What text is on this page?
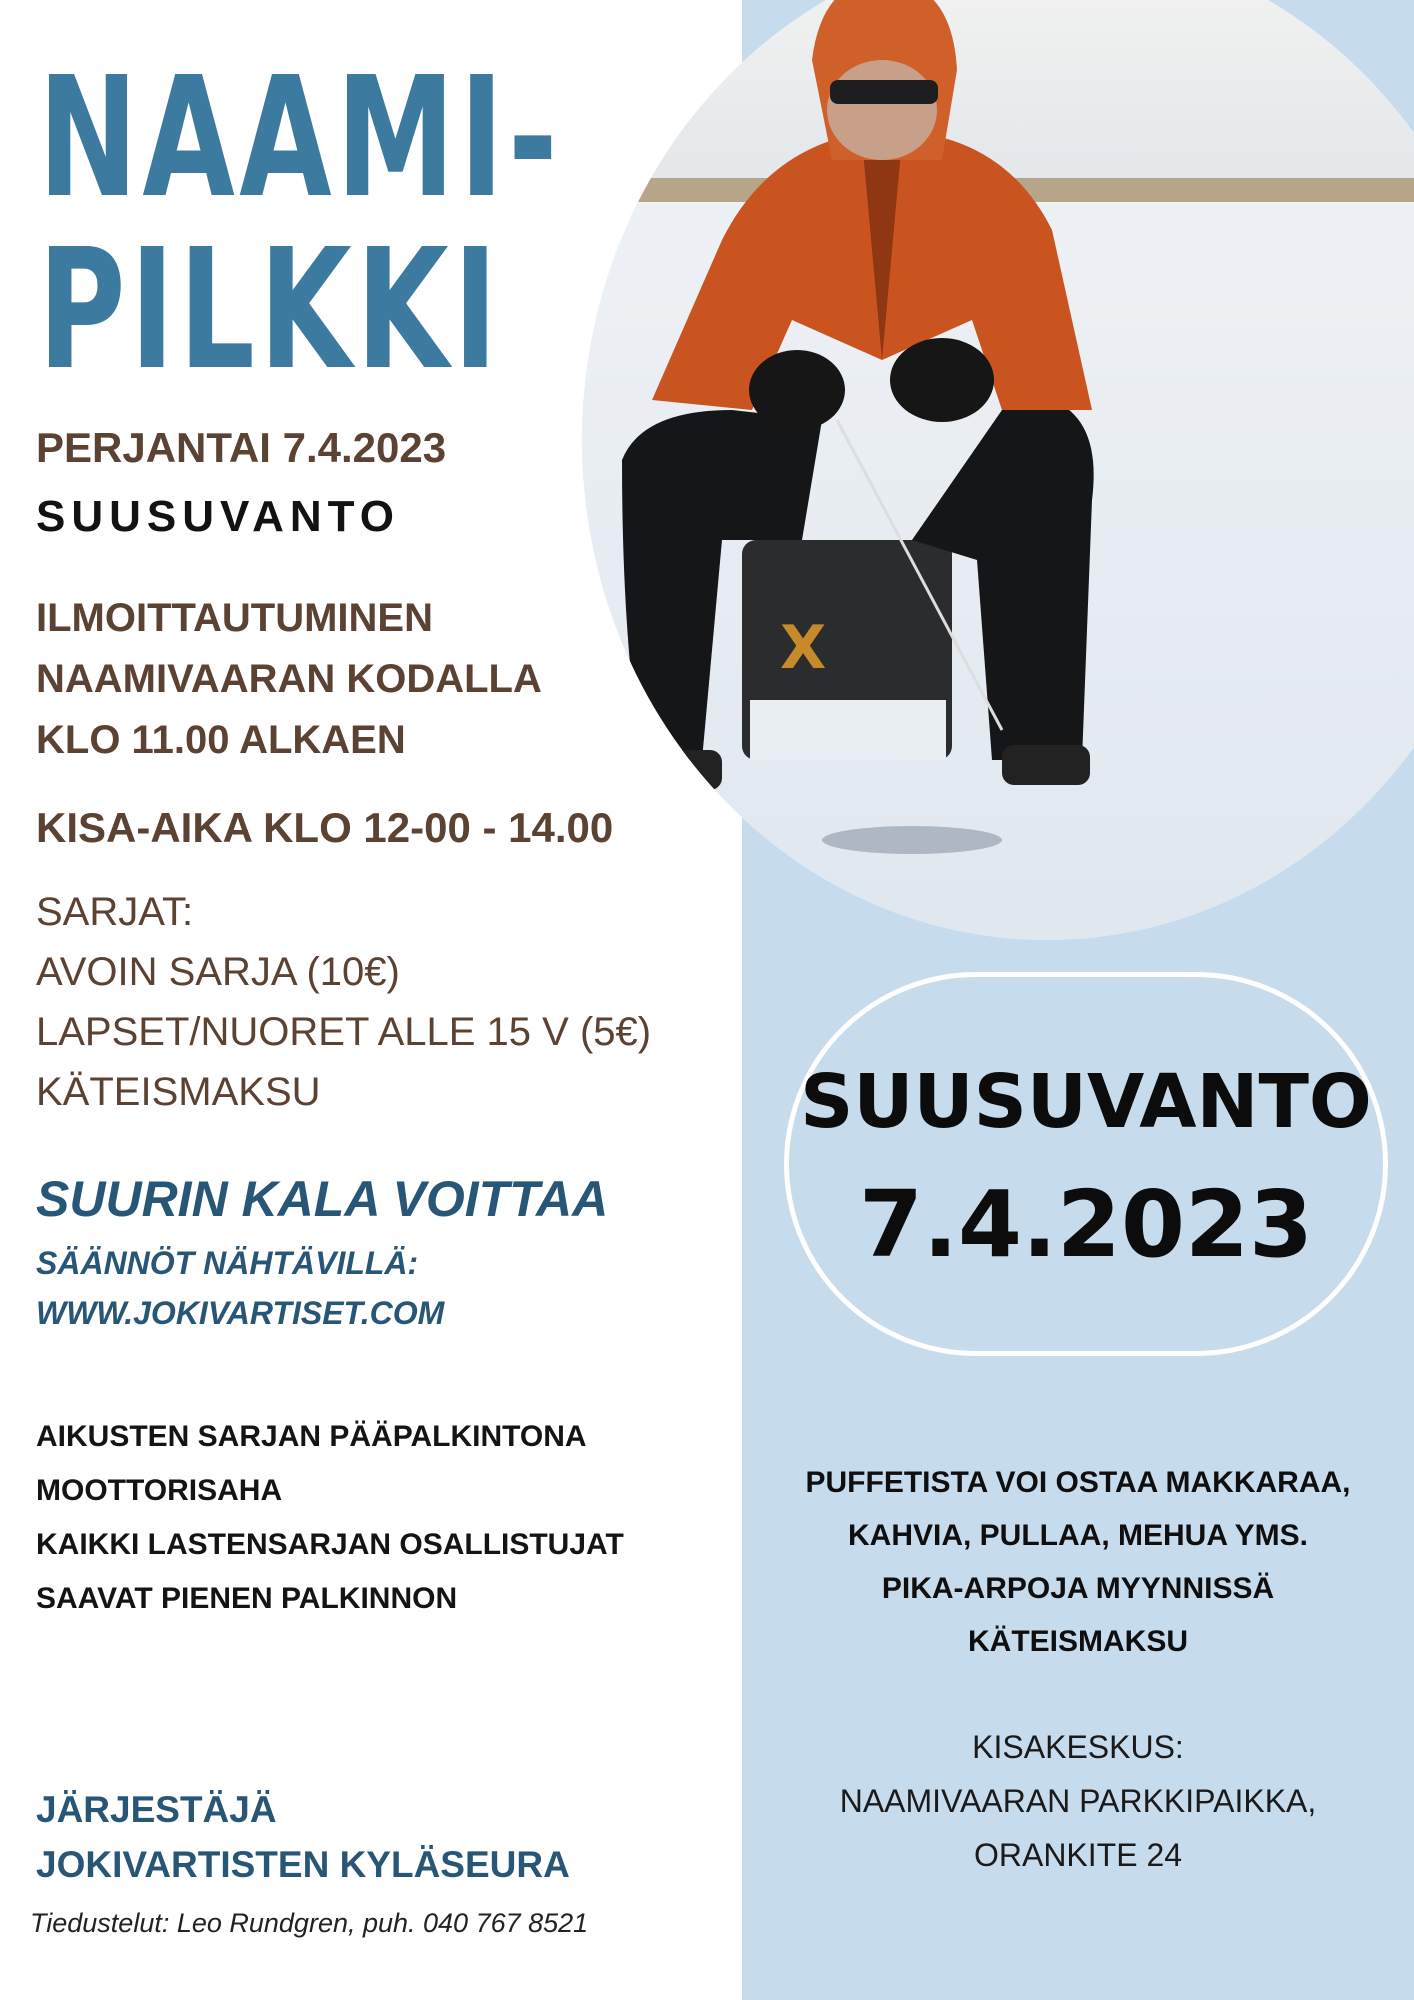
X
NAAMI-
PILKKI
PERJANTAI 7.4.2023
SUUSUVANTO
ILMOITTAUTUMINEN
NAAMIVAARAN KODALLA
KLO 11.00 ALKAEN
KISA-AIKA KLO 12-00 - 14.00
SARJAT:
AVOIN SARJA (10€)
LAPSET/NUORET ALLE 15 V (5€)
KÄTEISMAKSU
SUURIN KALA VOITTAA
SÄÄNNÖT NÄHTÄVILLÄ:
WWW.JOKIVARTISET.COM
AIKUSTEN SARJAN PÄÄPALKINTONA
MOOTTORISAHA
KAIKKI LASTENSARJAN OSALLISTUJAT
SAAVAT PIENEN PALKINNON
JÄRJESTÄJÄ
JOKIVARTISTEN KYLÄSEURA
Tiedustelut: Leo Rundgren, puh. 040 767 8521
SUUSUVANTO
7.4.2023
PUFFETISTA VOI OSTAA MAKKARAA,
KAHVIA, PULLAA, MEHUA YMS.
PIKA-ARPOJA MYYNNISSÄ
KÄTEISMAKSU
KISAKESKUS:
NAAMIVAARAN PARKKIPAIKKA,
ORANKITE 24
